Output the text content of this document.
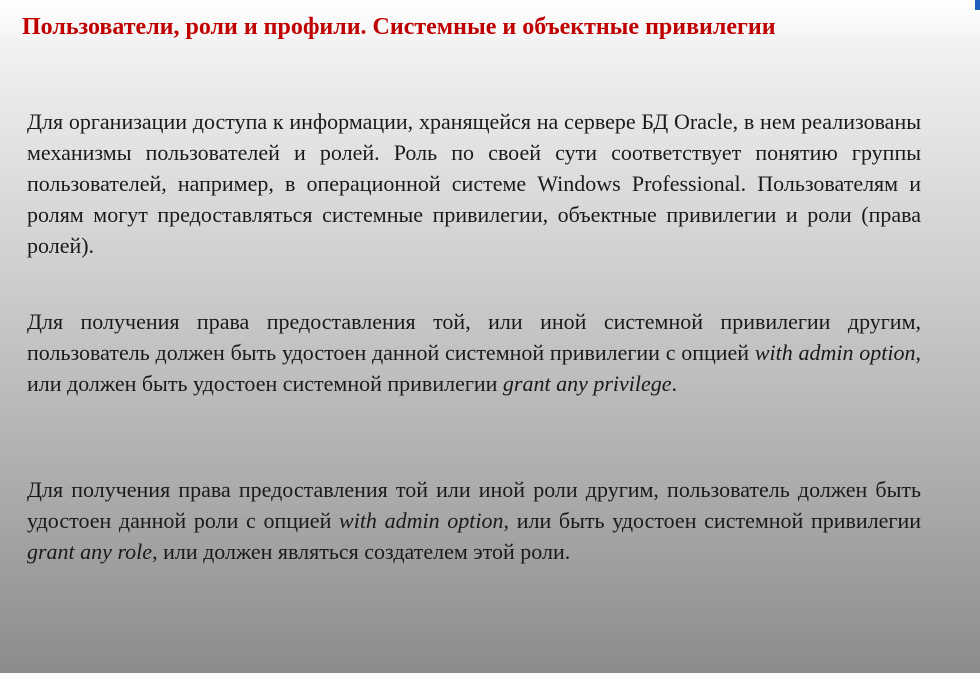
Пользователи, роли и профили. Системные и объектные привилегии
Для организации доступа к информации, хранящейся на сервере БД Oracle, в нем реализованы механизмы пользователей и ролей. Роль по своей сути соответствует понятию группы пользователей, например, в операционной системе Windows Professional. Пользователям и ролям могут предоставляться системные привилегии, объектные привилегии и роли (права ролей).
Для получения права предоставления той, или иной системной привилегии другим, пользователь должен быть удостоен данной системной привилегии с опцией with admin option, или должен быть удостоен системной привилегии grant any privilege.
Для получения права предоставления той или иной роли другим, пользователь должен быть удостоен данной роли с опцией with admin option, или быть удостоен системной привилегии grant any role, или должен являться создателем этой роли.
